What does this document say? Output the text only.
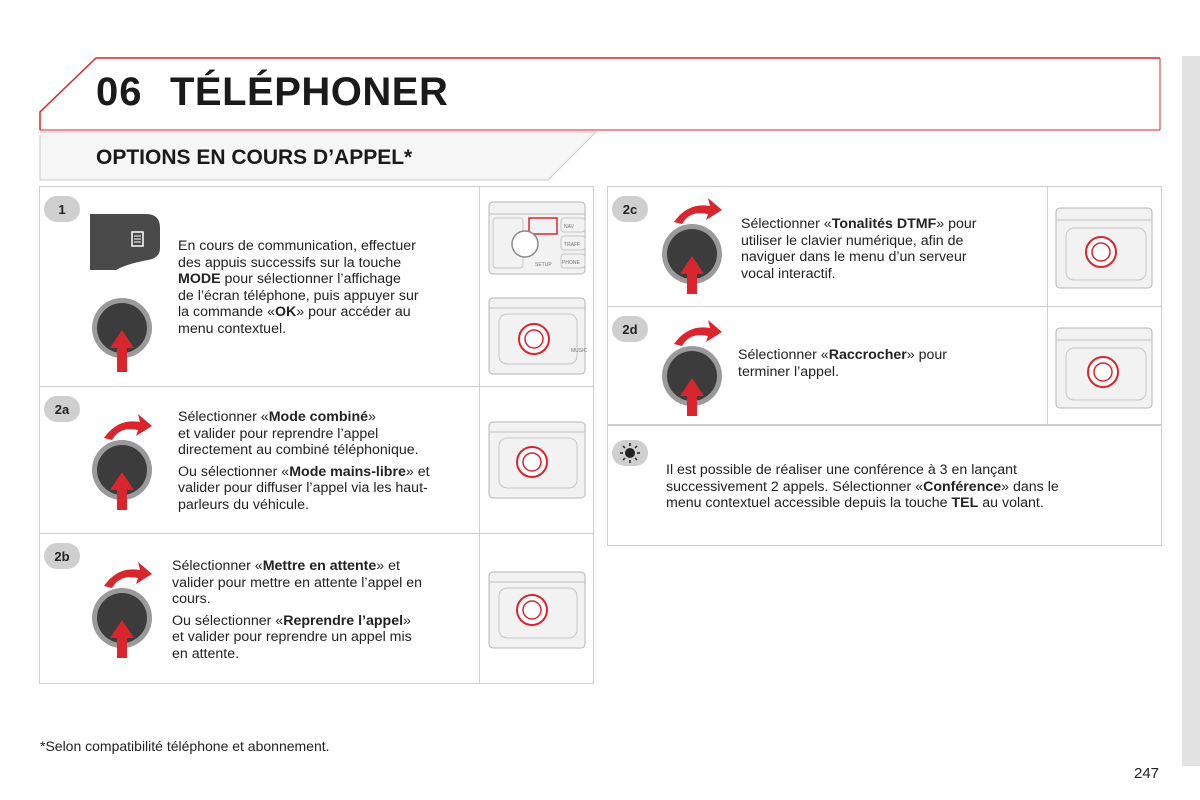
06 TÉLÉPHONER
OPTIONS EN COURS D’APPEL*
1

En cours de communication, effectuer
des appuis successifs sur la touche
MODE pour sélectionner l’affichage
de l’écran téléphone, puis appuyer sur
la commande «OK» pour accéder au
menu contextuel.

NAV
TRAFF
PHONE
SETUP
MUSIC
2a	Sélectionner «Mode combiné»
et valider pour reprendre l’appel
directement au combiné téléphonique.

Ou sélectionner «Mode mains-libre» et
valider pour diffuser l’appel via les haut-
parleurs du véhicule.

2b

Sélectionner «Mettre en attente» et
valider pour mettre en attente l’appel en
cours.

Ou sélectionner «Reprendre l’appel»
et valider pour reprendre un appel mis
en attente.

2c

Sélectionner «Tonalités DTMF» pour
utiliser le clavier numérique, afin de
naviguer dans le menu d’un serveur
vocal interactif.

2d

Sélectionner «Raccrocher» pour
terminer l’appel.

Il est possible de réaliser une conférence à 3 en lançant
successivement 2 appels. Sélectionner «Conférence» dans le
menu contextuel accessible depuis la touche TEL au volant.

*Selon compatibilité téléphone et abonnement.
247
